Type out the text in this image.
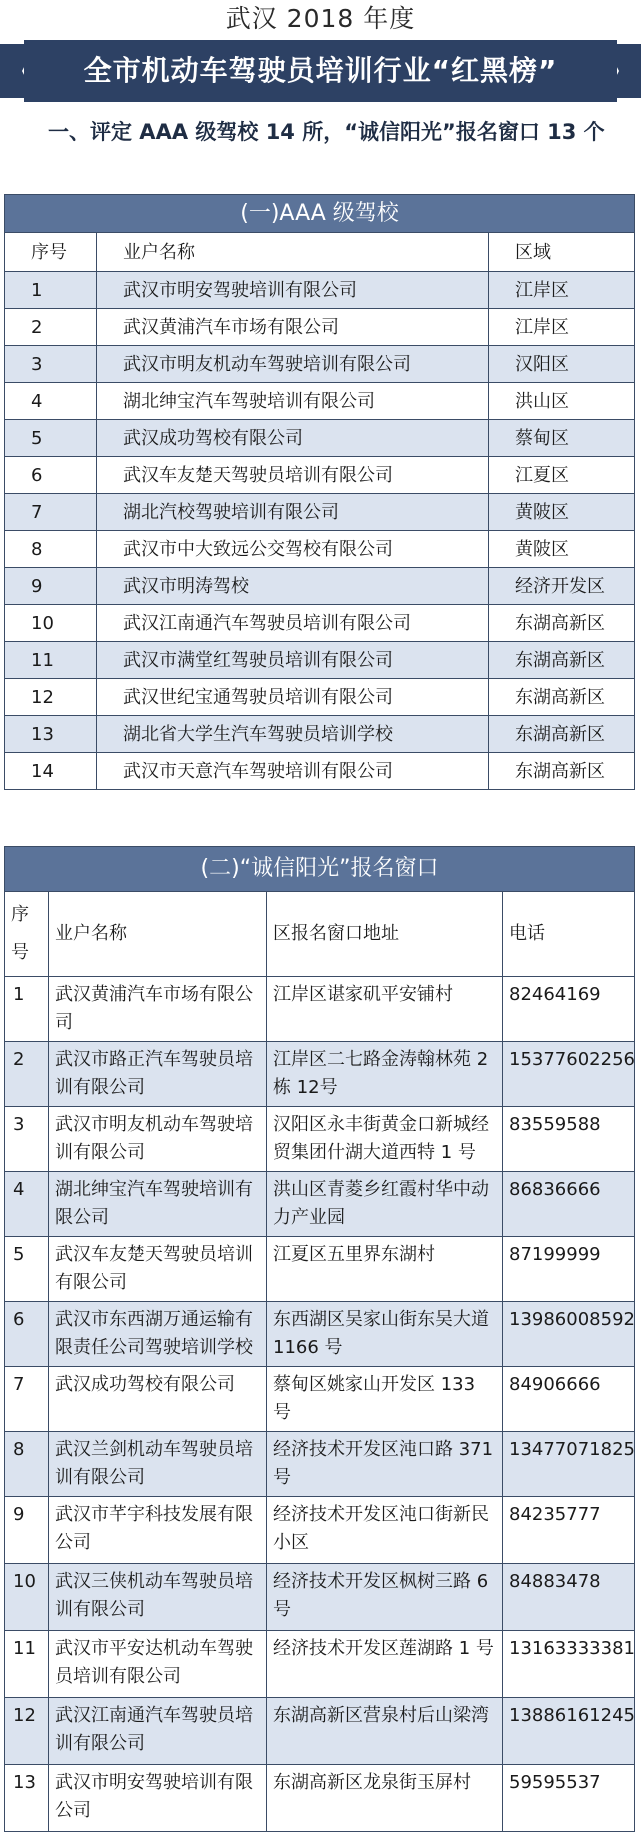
武汉 2018 年度
全市机动车驾驶员培训行业“红黑榜”
一、评定 AAA 级驾校 14 所，“诚信阳光”报名窗口 13 个
(一)AAA 级驾校		
序号	业户名称	区域
1	武汉市明安驾驶培训有限公司	江岸区
2	武汉黄浦汽车市场有限公司	江岸区
3	武汉市明友机动车驾驶培训有限公司	汉阳区
4	湖北绅宝汽车驾驶培训有限公司	洪山区
5	武汉成功驾校有限公司	蔡甸区
6	武汉车友楚天驾驶员培训有限公司	江夏区
7	湖北汽校驾驶培训有限公司	黄陂区
8	武汉市中大致远公交驾校有限公司	黄陂区
9	武汉市明涛驾校	经济开发区
10	武汉江南通汽车驾驶员培训有限公司	东湖高新区
11	武汉市满堂红驾驶员培训有限公司	东湖高新区
12	武汉世纪宝通驾驶员培训有限公司	东湖高新区
13	湖北省大学生汽车驾驶员培训学校	东湖高新区
14	武汉市天意汽车驾驶培训有限公司	东湖高新区
(二)“诚信阳光”报名窗口			
序号	业户名称	区报名窗口地址	电话
1	武汉黄浦汽车市场有限公司	江岸区谌家矶平安铺村	82464169
2	武汉市路正汽车驾驶员培训有限公司	江岸区二七路金涛翰林苑 2 栋 12号	15377602256
3	武汉市明友机动车驾驶培训有限公司	汉阳区永丰街黄金口新城经贸集团什湖大道西特 1 号	83559588
4	湖北绅宝汽车驾驶培训有限公司	洪山区青菱乡红霞村华中动力产业园	86836666
5	武汉车友楚天驾驶员培训有限公司	江夏区五里界东湖村	87199999
6	武汉市东西湖万通运输有限责任公司驾驶培训学校	东西湖区吴家山街东吴大道 1166 号	13986008592
7	武汉成功驾校有限公司	蔡甸区姚家山开发区 133 号	84906666
8	武汉兰剑机动车驾驶员培训有限公司	经济技术开发区沌口路 371号	13477071825
9	武汉市芊宇科技发展有限公司	经济技术开发区沌口街新民小区	84235777
10	武汉三侠机动车驾驶员培训有限公司	经济技术开发区枫树三路 6 号	84883478
11	武汉市平安达机动车驾驶员培训有限公司	经济技术开发区莲湖路 1 号	13163333381
12	武汉江南通汽车驾驶员培训有限公司	东湖高新区营泉村后山梁湾	13886161245
13	武汉市明安驾驶培训有限公司	东湖高新区龙泉街玉屏村	59595537
